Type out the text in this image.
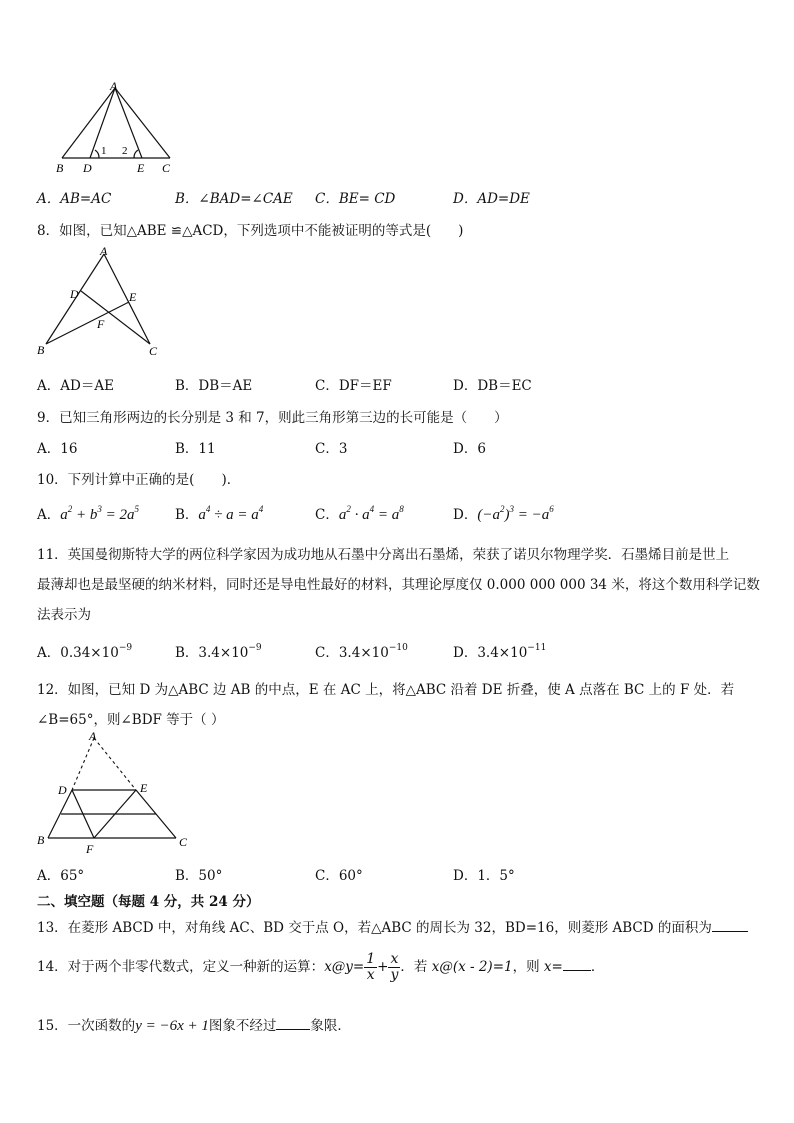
A
B D	E C
1 2
A．AB=AC	B．∠BAD=∠CAE C．BE= CD	D．AD=DE
8．如图，已知△ABE ≌△ACD，下列选项中不能被证明的等式是(　　)
A
D	E
F
B	C
A．AD＝AE	B．DB＝AE	C．DF＝EF	D．DB＝EC
9．已知三角形两边的长分别是 3 和 7，则此三角形第三边的长可能是（　　）
A．16	B．11	C．3	D．6
10．下列计算中正确的是(　　)．
A．$a^2 + b^3 = 2a^5$	B．$a^4 \div a = a^4$	C．$a^2 \cdot a^4 = a^8$	D．$(-a^2)^3 = -a^6$
11．英国曼彻斯特大学的两位科学家因为成功地从石墨中分离出石墨烯，荣获了诺贝尔物理学奖．石墨烯目前是世上
最薄却也是最坚硬的纳米材料，同时还是导电性最好的材料，其理论厚度仅 0.000 000 000 34 米，将这个数用科学记数
法表示为
A．$0.34\times 10^{-9}$	B．$3.4\times 10^{-9}$	C．$3.4\times 10^{-10}$	D．$3.4\times 10^{-11}$
12．如图，已知 D 为△ABC 边 AB 的中点，E 在 AC 上，将△ABC 沿着 DE 折叠，使 A 点落在 BC 上的 F 处．若
∠B=65°，则∠BDF 等于（ ）
A
D	E
B	C
F
A．65°	B．50°	C．60°	D．1．5°
二、填空题（每题 4 分，共 24 分）
13．在菱形 ABCD 中，对角线 AC、BD 交于点 O，若△ABC 的周长为 32，BD=16，则菱形 ABCD 的面积为
14．对于两个非零代数式，定义一种新的运算：x@y= $\frac{1}{x} + \frac{x}{y}$ ．若 x@(x - 2)=1，则 x= ．
15．一次函数的y = −6x + 1图象不经过	象限．
